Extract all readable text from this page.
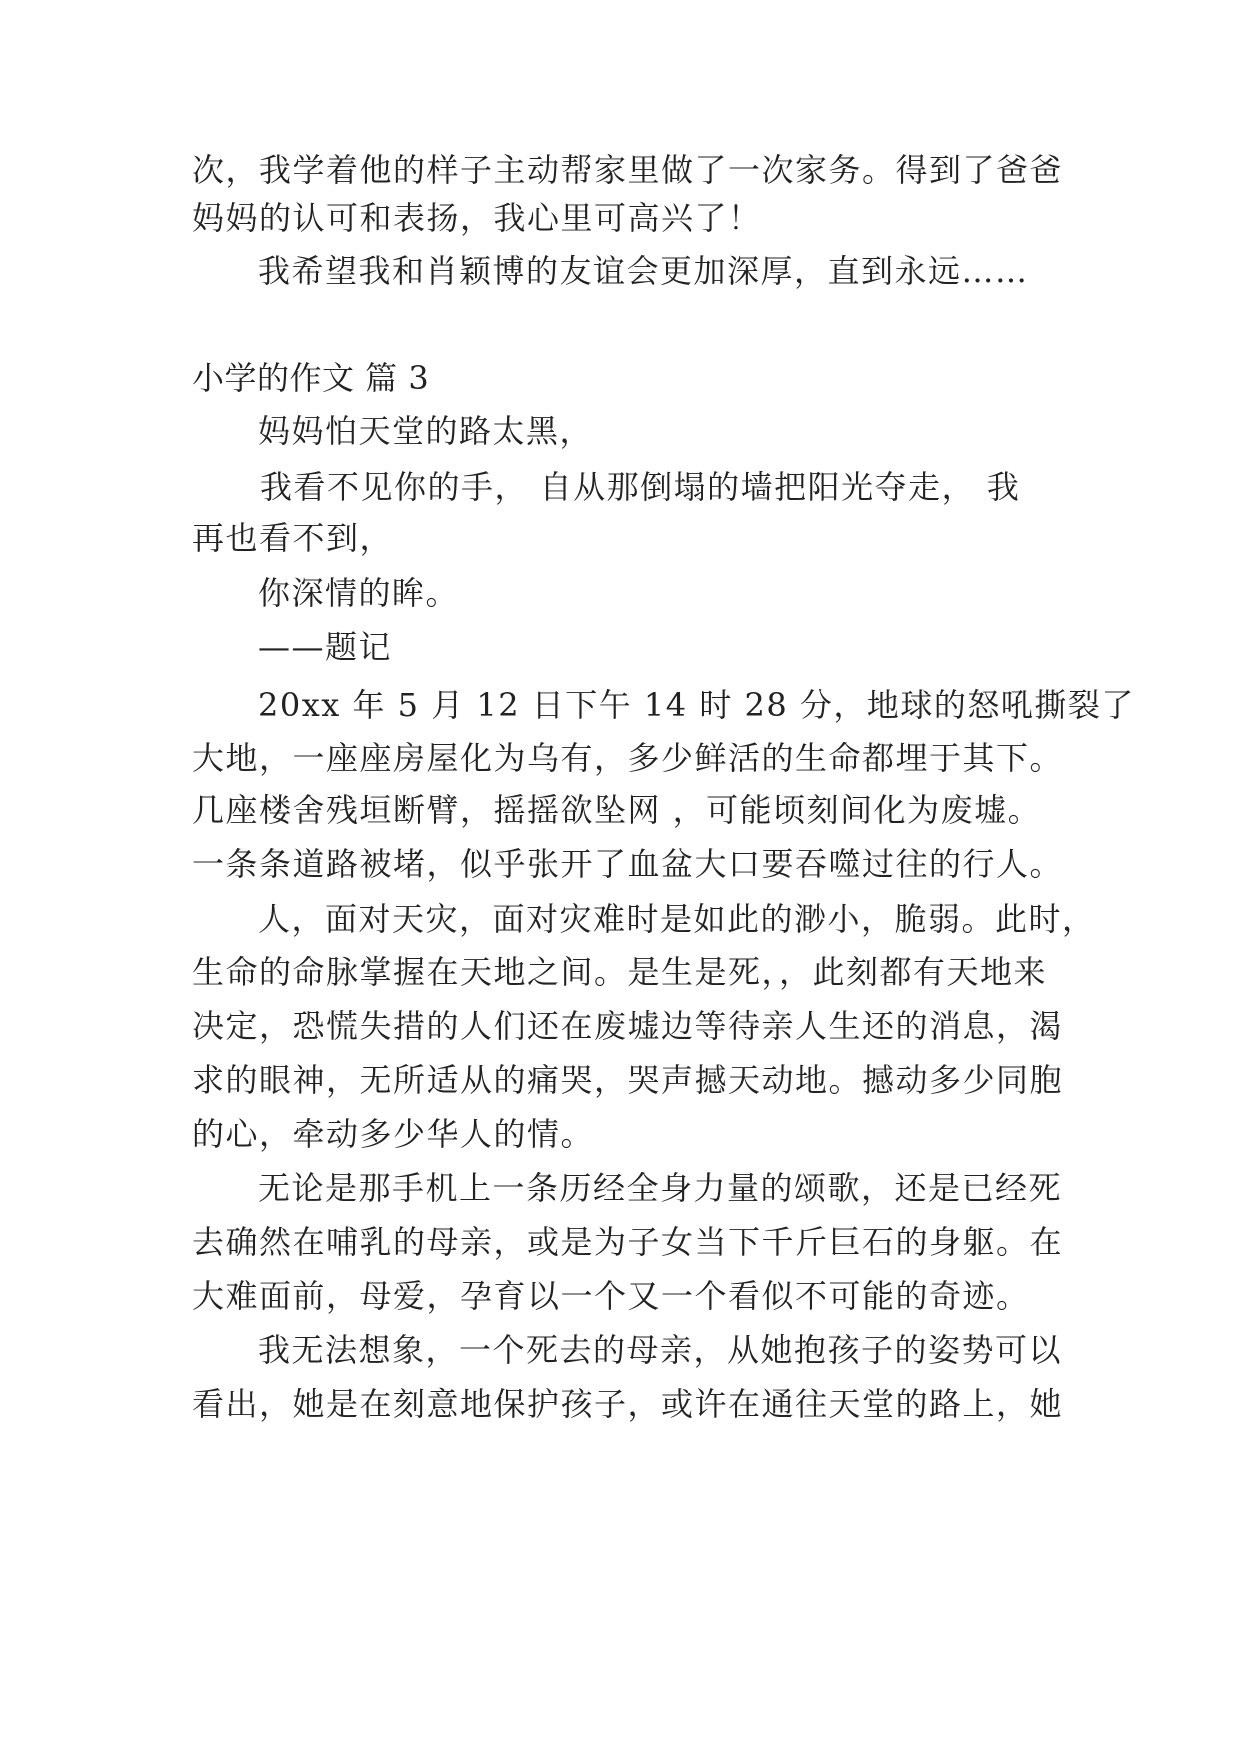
次，我学着他的样子主动帮家里做了一次家务。得到了爸爸
妈妈的认可和表扬，我心里可高兴了！
我希望我和肖颖博的友谊会更加深厚，直到永远……
小学的作文 篇 3
妈妈怕天堂的路太黑，
我看不见你的手， 自从那倒塌的墙把阳光夺走， 我
再也看不到，
你深情的眸。
——题记
20xx 年 5 月 12 日下午 14 时 28 分，地球的怒吼撕裂了
大地，一座座房屋化为乌有，多少鲜活的生命都埋于其下。
几座楼舍残垣断臂，摇摇欲坠网 ，可能顷刻间化为废墟。
一条条道路被堵，似乎张开了血盆大口要吞噬过往的行人。
人，面对天灾，面对灾难时是如此的渺小，脆弱。此时，
生命的命脉掌握在天地之间。是生是死，，此刻都有天地来
决定，恐慌失措的人们还在废墟边等待亲人生还的消息，渴
求的眼神，无所适从的痛哭，哭声撼天动地。撼动多少同胞
的心，牵动多少华人的情。
无论是那手机上一条历经全身力量的颂歌，还是已经死
去确然在哺乳的母亲，或是为子女当下千斤巨石的身躯。在
大难面前，母爱，孕育以一个又一个看似不可能的奇迹。
我无法想象，一个死去的母亲，从她抱孩子的姿势可以
看出，她是在刻意地保护孩子，或许在通往天堂的路上，她
